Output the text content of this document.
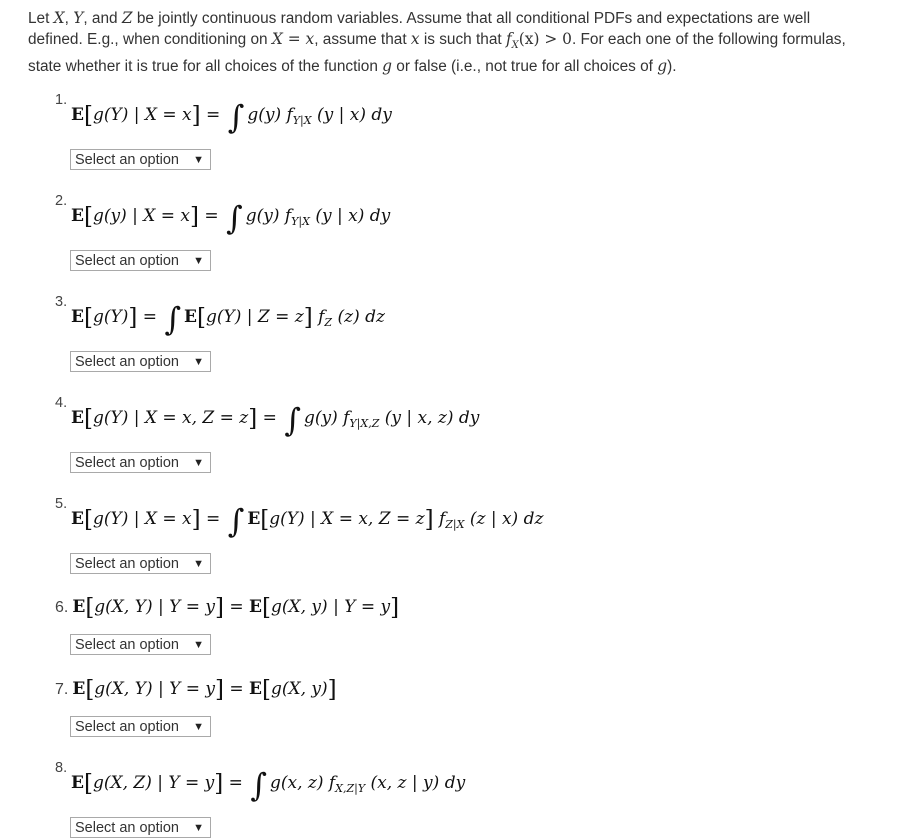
Let X, Y, and Z be jointly continuous random variables. Assume that all conditional PDFs and expectations are well defined. E.g., when conditioning on X = x, assume that x is such that $f_X(x) > 0$. For each one of the following formulas, state whether it is true for all choices of the function g or false (i.e., not true for all choices of g).
1.
E[g(Y) | X = x] = ∫ g(y) $f_{Y|X}$ (y | x) dy
Select an option ▼
2.
E[g(y) | X = x] = ∫ g(y) $f_{Y|X}$ (y | x) dy
Select an option ▼
3.
E[g(Y)] = ∫ E[g(Y) | Z = z] $f_Z$ (z) dz
Select an option ▼
4.
E[g(Y) | X = x, Z = z] = ∫ g(y) $f_{Y|X,Z}$ (y | x, z) dy
Select an option ▼
5.
E[g(Y) | X = x] = ∫ E[g(Y) | X = x, Z = z] $f_{Z|X}$ (z | x) dz
Select an option ▼
6. E[g(X, Y) | Y = y] = E[g(X, y) | Y = y]
Select an option ▼
7. E[g(X, Y) | Y = y] = E[g(X, y)]
Select an option ▼
8.
E[g(X, Z) | Y = y] = ∫ g(x, z) $f_{X,Z|Y}$ (x, z | y) dy
Select an option ▼
